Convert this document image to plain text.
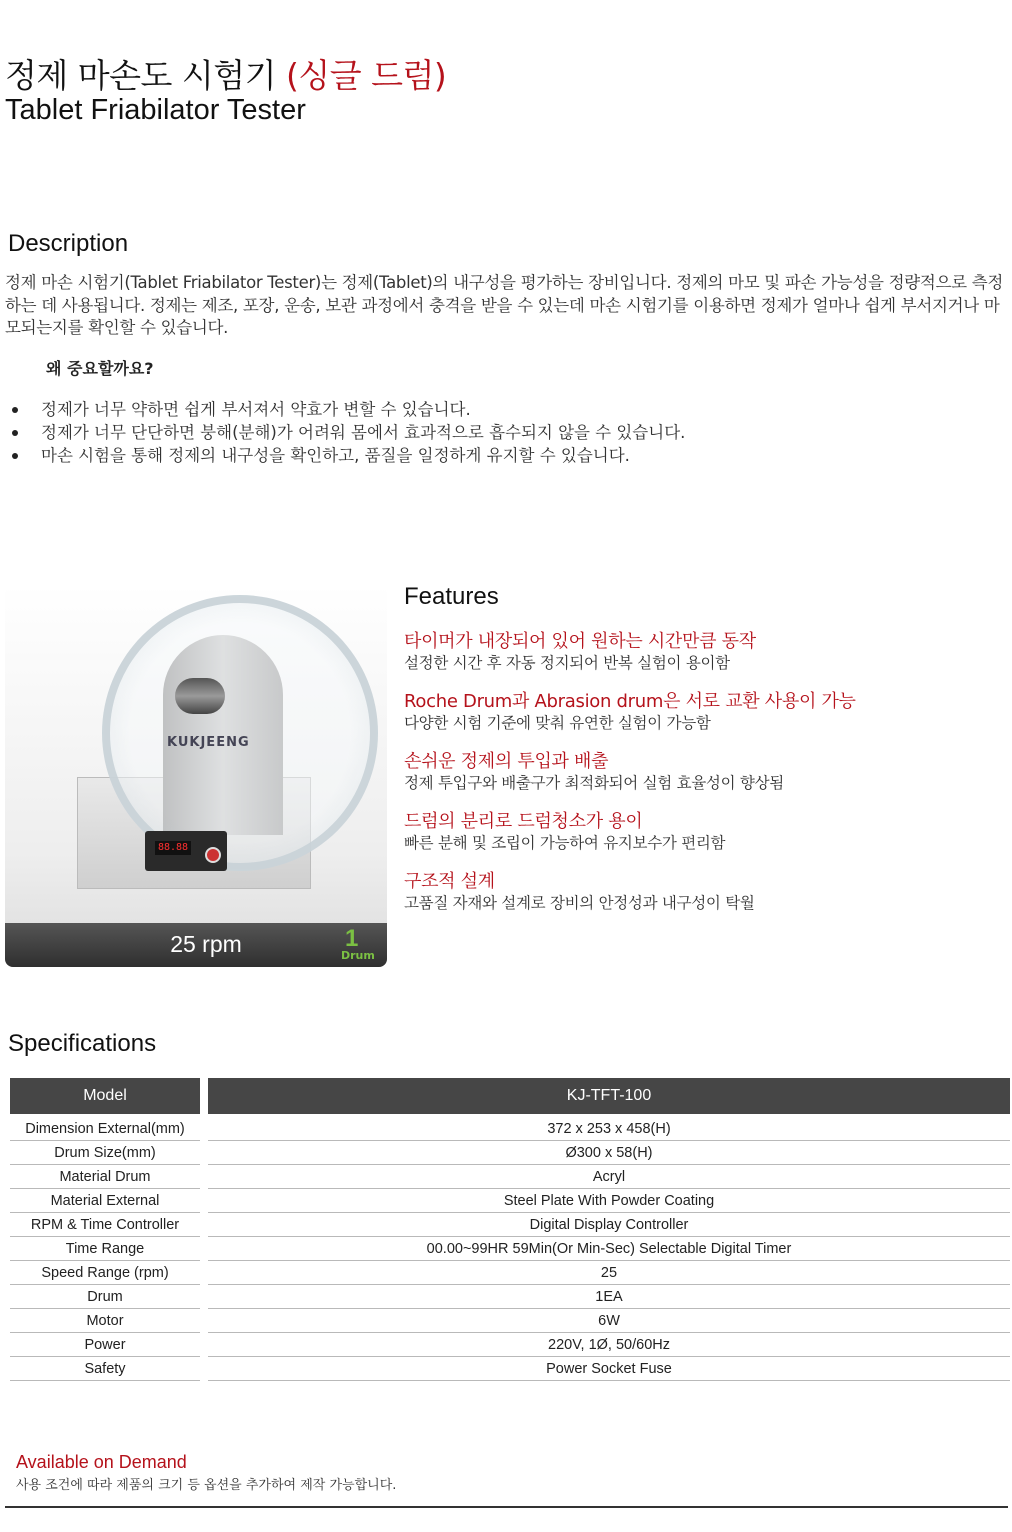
정제 마손도 시험기 (싱글 드럼)
Tablet Friabilator Tester
Description
정제 마손 시험기(Tablet Friabilator Tester)는 정제(Tablet)의 내구성을 평가하는 장비입니다. 정제의 마모 및 파손 가능성을 정량적으로 측정하는 데 사용됩니다. 정제는 제조, 포장, 운송, 보관 과정에서 충격을 받을 수 있는데 마손 시험기를 이용하면 정제가 얼마나 쉽게 부서지거나 마모되는지를 확인할 수 있습니다.
왜 중요할까요?
정제가 너무 약하면 쉽게 부서져서 약효가 변할 수 있습니다.
정제가 너무 단단하면 붕해(분해)가 어려워 몸에서 효과적으로 흡수되지 않을 수 있습니다.
마손 시험을 통해 정제의 내구성을 확인하고, 품질을 일정하게 유지할 수 있습니다.
KUKJEENG
88.88
25 rpm	1
Drum
Features
타이머가 내장되어 있어 원하는 시간만큼 동작
설정한 시간 후 자동 정지되어 반복 실험이 용이함
Roche Drum과 Abrasion drum은 서로 교환 사용이 가능
다양한 시험 기준에 맞춰 유연한 실험이 가능함
손쉬운 정제의 투입과 배출
정제 투입구와 배출구가 최적화되어 실험 효율성이 향상됨
드럼의 분리로 드럼청소가 용이
빠른 분해 및 조립이 가능하여 유지보수가 편리함
구조적 설계
고품질 자재와 설계로 장비의 안정성과 내구성이 탁월
Specifications
Model		KJ-TFT-100
Dimension External(mm)		372 x 253 x 458(H)
Drum Size(mm)		Ø300 x 58(H)
Material Drum		Acryl
Material External		Steel Plate With Powder Coating
RPM & Time Controller		Digital Display Controller
Time Range		00.00~99HR 59Min(Or Min-Sec) Selectable Digital Timer
Speed Range (rpm)		25
Drum		1EA
Motor		6W
Power		220V, 1Ø, 50/60Hz
Safety		Power Socket Fuse
Available on Demand
사용 조건에 따라 제품의 크기 등 옵션을 추가하여 제작 가능합니다.
